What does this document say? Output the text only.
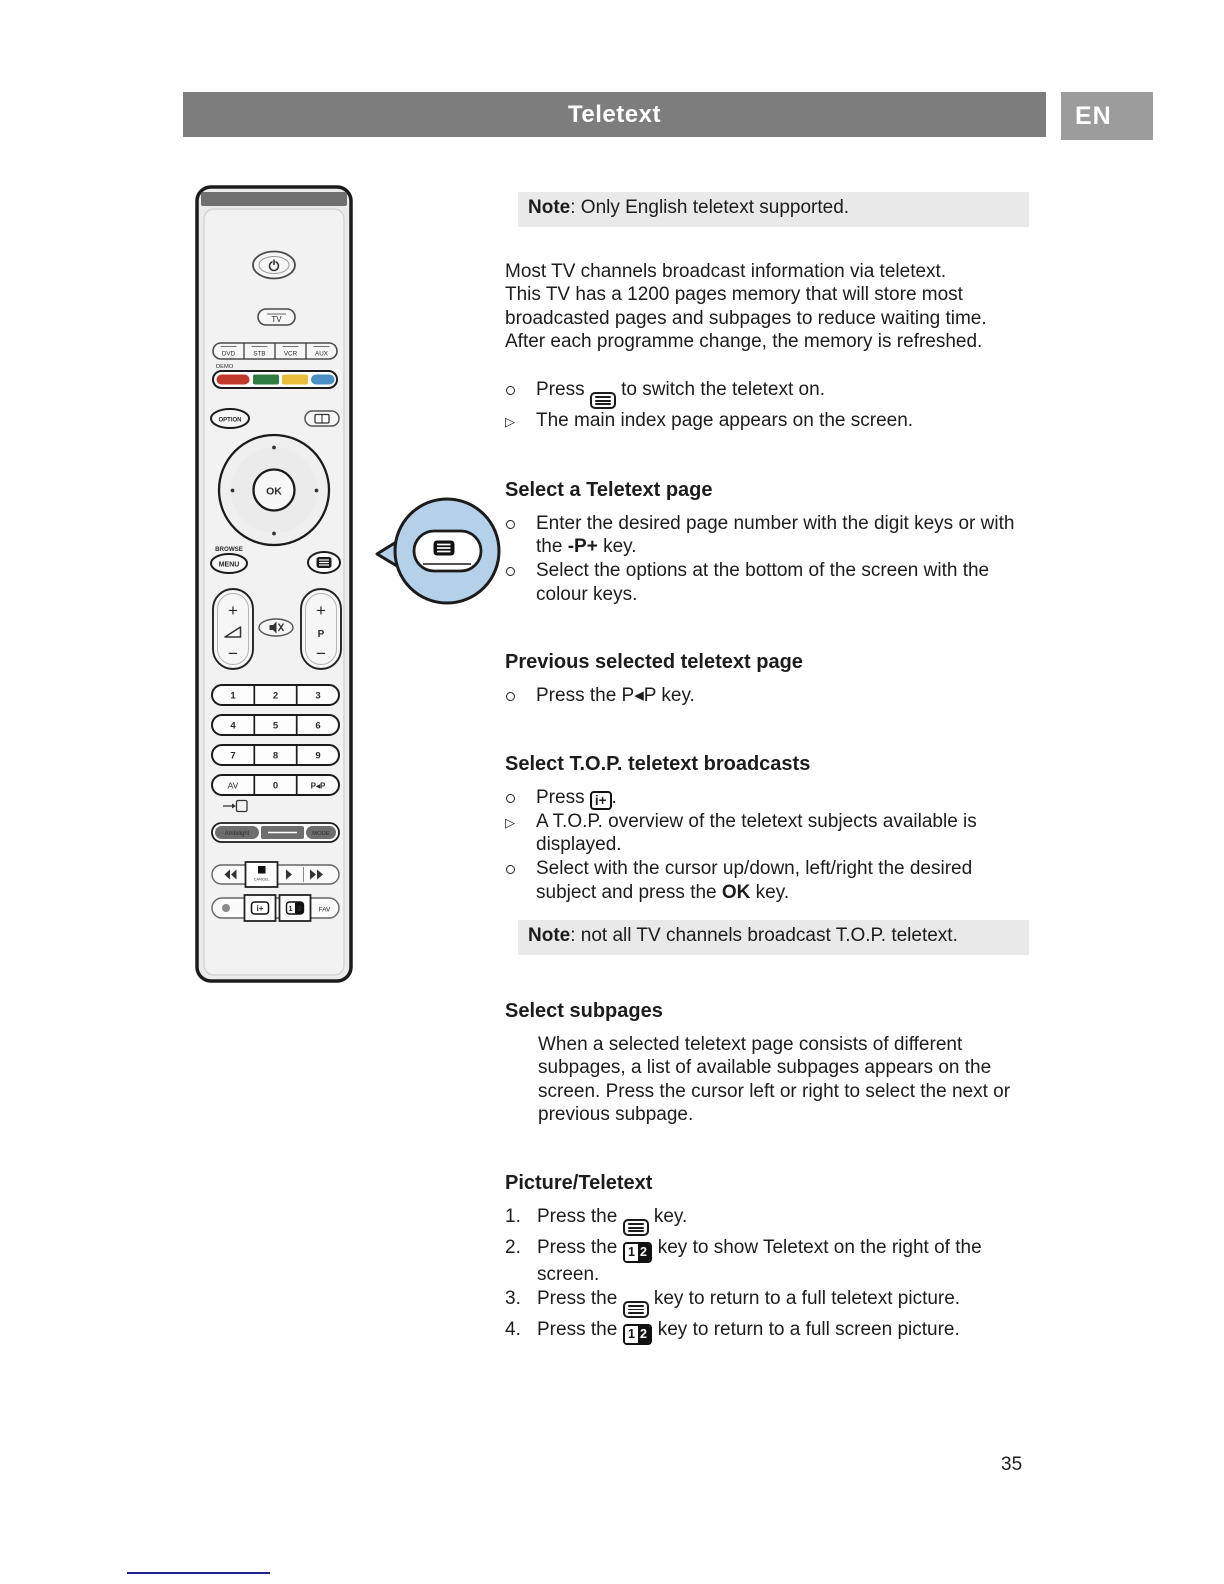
Teletext	EN
TV
DVD	STB	VCR	AUX
DEMO
OPTION
OK
BROWSE
MENU
+
−
+
P
−
1	2	3
4	5	6
7	8	9
AV	0	P◂P
Ambilight	MODE
CANCEL
i+	1 2	FAV
Note: Only English teletext supported.

Most TV channels broadcast information via teletext.
This TV has a 1200 pages memory that will store most broadcasted pages and subpages to reduce waiting time. After each programme change, the memory is refreshed.

Press
to switch the teletext on.
▷	The main index page appears on the screen.
Select a Teletext page
Enter the desired page number with the digit keys or with the -P+ key.
Select the options at the bottom of the screen with the colour keys.
Previous selected teletext page
Press the P◂P key.
Select T.O.P. teletext broadcasts
Press i+ .
▷	A T.O.P. overview of the teletext subjects available is displayed.
Select with the cursor up/down, left/right the desired subject and press the OK key.
Note: not all TV channels broadcast T.O.P. teletext.
Select subpages

When a selected teletext page consists of different subpages, a list of available subpages appears on the screen. Press the cursor left or right to select the next or previous subpage.

Picture/Teletext
1. Press the
key.
2. Press the 1 2 key to show Teletext on the right of the screen.
3. Press the
key to return to a full teletext picture.
4. Press the 1 2 key to return to a full screen picture.
35
